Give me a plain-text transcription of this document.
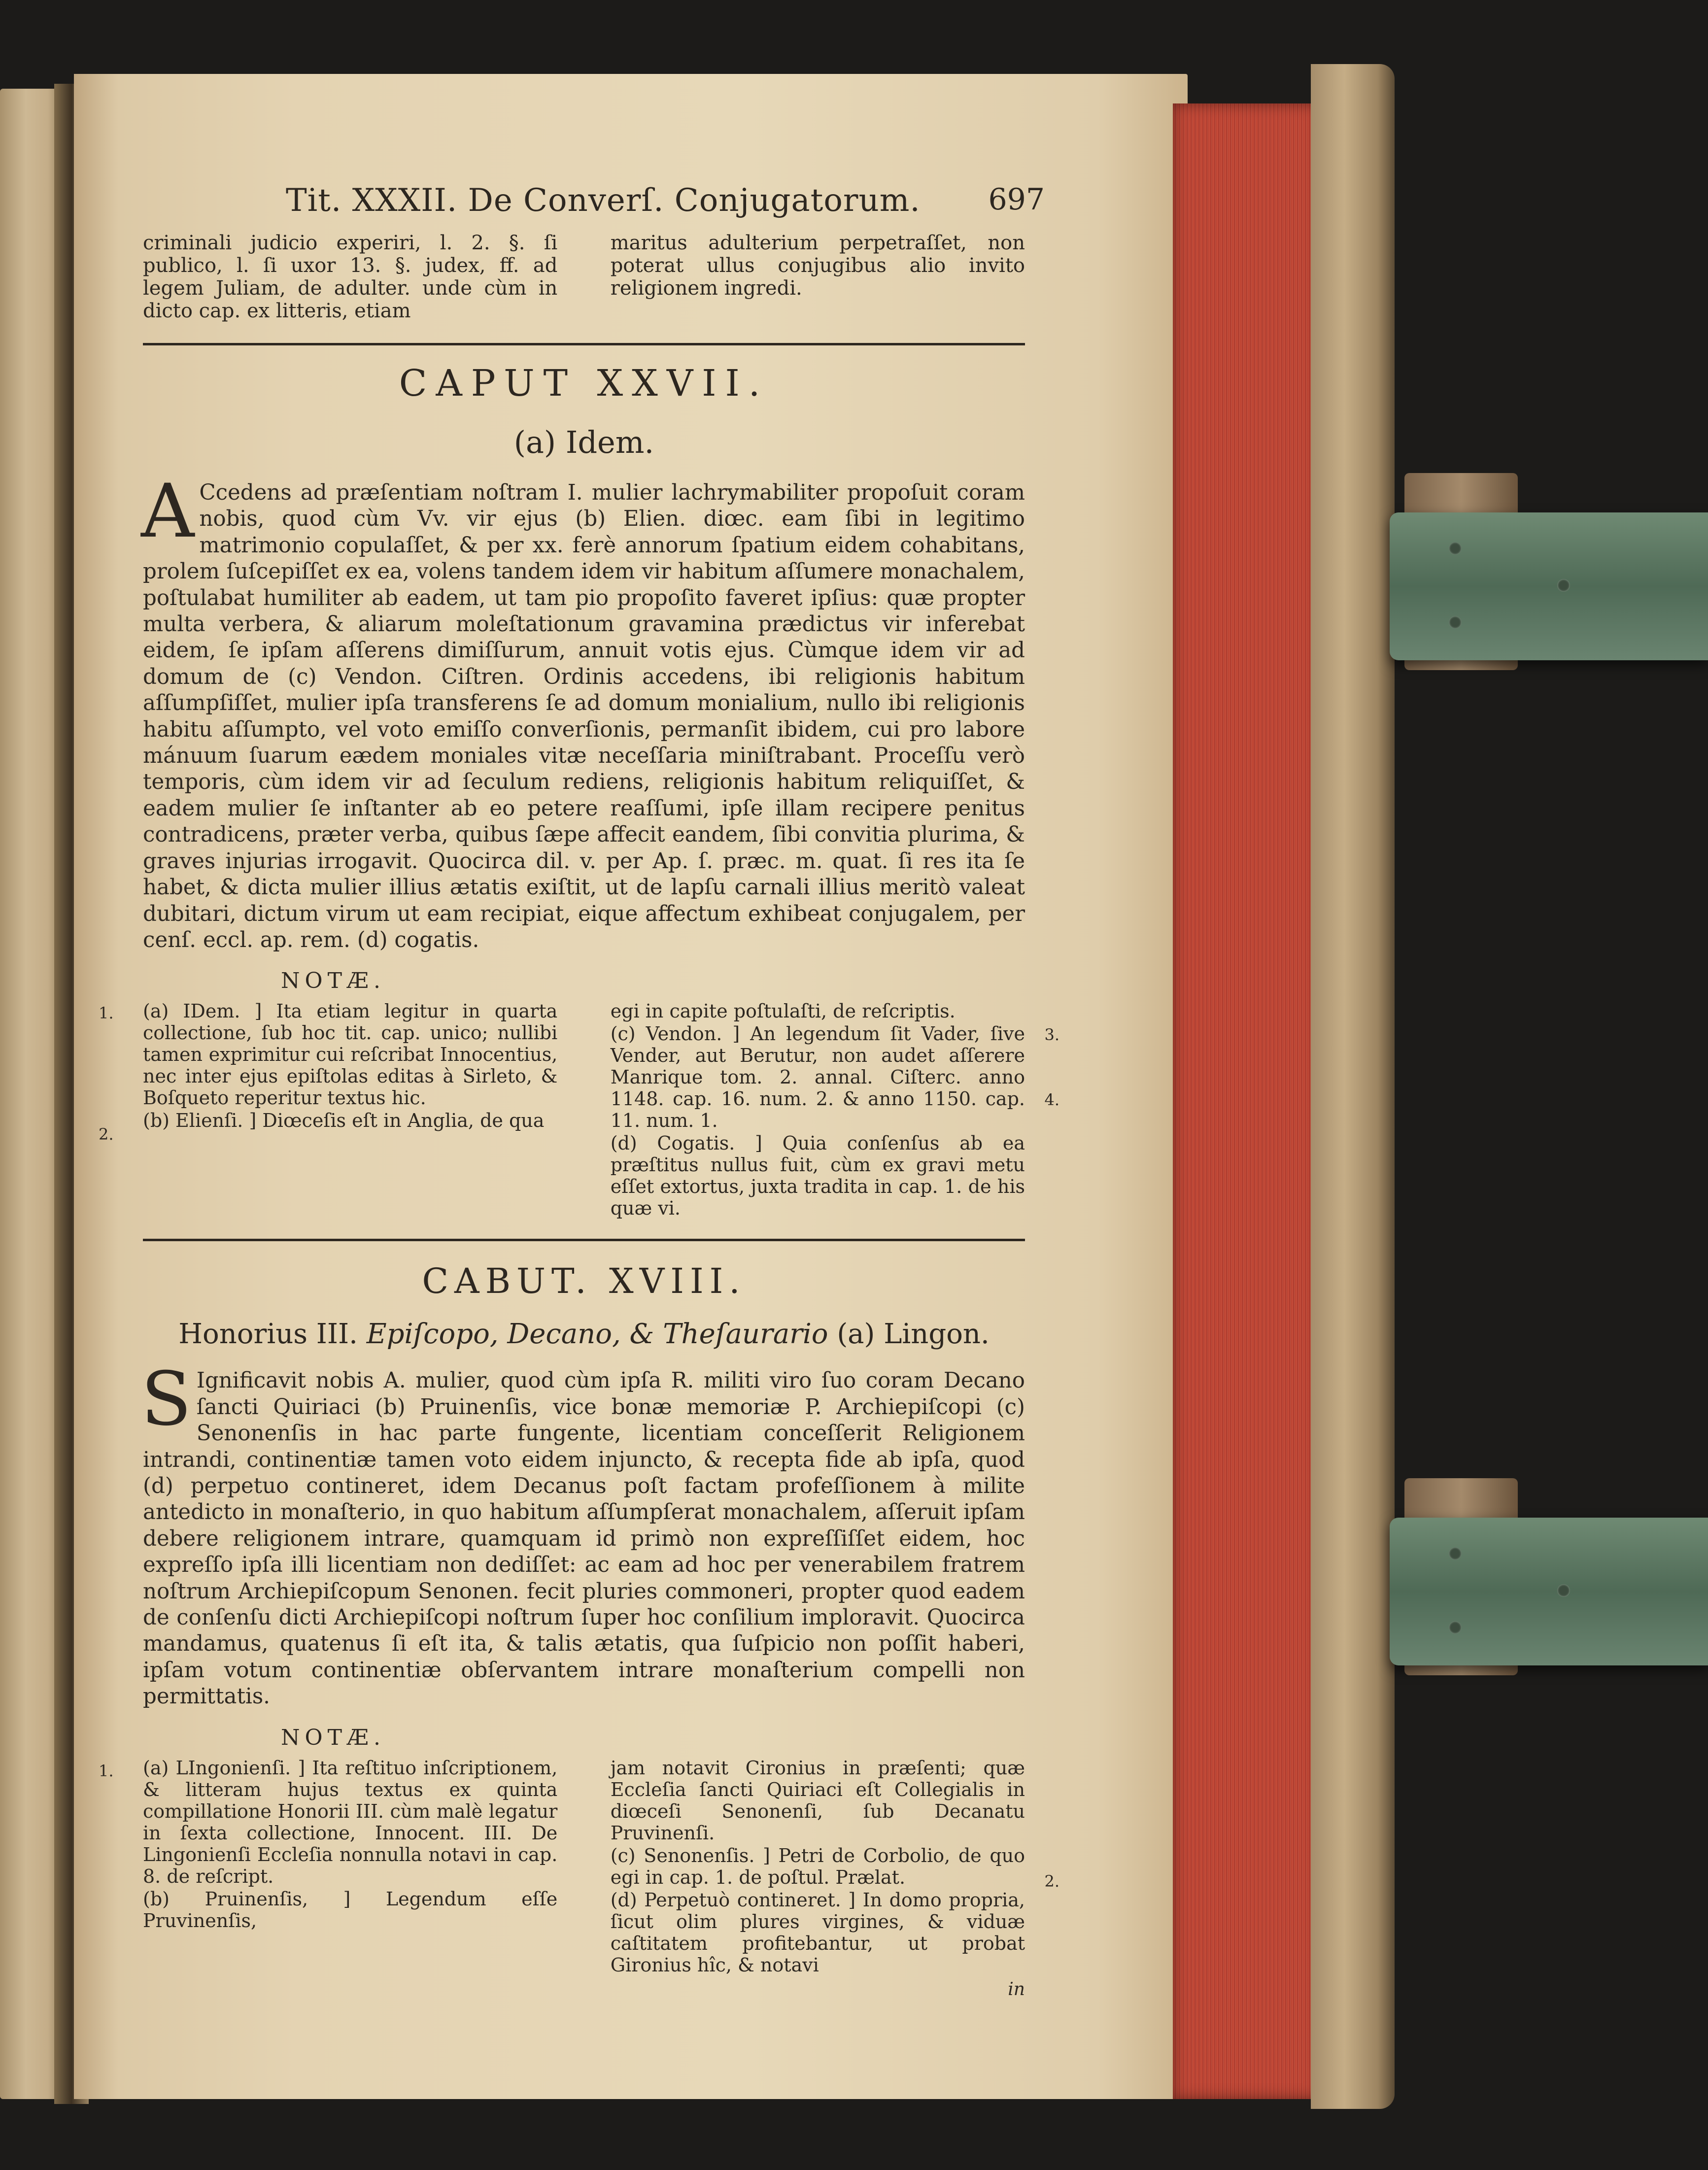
Tit. XXXII. De Converſ. Conjugatorum. 697

criminali judicio experiri, l. 2. §. ſi publico, l. ſi uxor 13. §. judex, ff. ad legem Juliam, de adulter. unde cùm in dicto cap. ex litteris, etiam

maritus adulterium perpetraſſet, non poterat ullus conjugibus alio invito religionem ingredi.

CAPUT XXVII.
(a) Idem.

A Ccedens ad præſentiam noſtram I. mulier lachrymabiliter propoſuit coram nobis, quod cùm Vv. vir ejus (b) Elien. diœc. eam ſibi in legitimo matrimonio copulaſſet, & per xx. ferè annorum ſpatium eidem cohabitans, prolem ſuſcepiſſet ex ea, volens tandem idem vir habitum aſſumere monachalem, poſtulabat humiliter ab eadem, ut tam pio propoſito faveret ipſius: quæ propter multa verbera, & aliarum moleſtationum gravamina prædictus vir inferebat eidem, ſe ipſam aſſerens dimiſſurum, annuit votis ejus. Cùmque idem vir ad domum de (c) Vendon. Ciſtren. Ordinis accedens, ibi religionis habitum aſſumpſiſſet, mulier ipſa transferens ſe ad domum monialium, nullo ibi religionis habitu aſſumpto, vel voto emiſſo converſionis, permanſit ibidem, cui pro labore mánuum ſuarum eædem moniales vitæ neceſſaria miniſtrabant. Proceſſu verò temporis, cùm idem vir ad ſeculum rediens, religionis habitum reliquiſſet, & eadem mulier ſe inſtanter ab eo petere reaſſumi, ipſe illam recipere penitus contradicens, præter verba, quibus ſæpe affecit eandem, ſibi convitia plurima, & graves injurias irrogavit. Quocirca dil. v. per Ap. ſ. præc. m. quat. ſi res ita ſe habet, & dicta mulier illius ætatis exiſtit, ut de lapſu carnali illius meritò valeat dubitari, dictum virum ut eam recipiat, eique affectum exhibeat conjugalem, per cenſ. eccl. ap. rem. (d) cogatis.

NOTÆ.
1.
2.
3.
4.

(a) IDem. ] Ita etiam legitur in quarta collectione, ſub hoc tit. cap. unico; nullibi tamen exprimitur cui reſcribat Innocentius, nec inter ejus epiſtolas editas à Sirleto, & Boſqueto reperitur textus hic.

(b) Elienſi. ] Diœceſis eſt in Anglia, de qua

egi in capite poſtulaſti, de reſcriptis.

(c) Vendon. ] An legendum ſit Vader, ſive Vender, aut Berutur, non audet aſſerere Manrique tom. 2. annal. Ciſterc. anno 1148. cap. 16. num. 2. & anno 1150. cap. 11. num. 1.

(d) Cogatis. ] Quia conſenſus ab ea præſtitus nullus fuit, cùm ex gravi metu eſſet extortus, juxta tradita in cap. 1. de his quæ vi.

CABUT. XVIII.
Honorius III. Epiſcopo, Decano, & Theſaurario (a) Lingon.

S Ignificavit nobis A. mulier, quod cùm ipſa R. militi viro ſuo coram Decano ſancti Quiriaci (b) Pruinenſis, vice bonæ memoriæ P. Archiepiſcopi (c) Senonenſis in hac parte fungente, licentiam conceſſerit Religionem intrandi, continentiæ tamen voto eidem injuncto, & recepta fide ab ipſa, quod (d) perpetuo contineret, idem Decanus poſt factam profeſſionem à milite antedicto in monaſterio, in quo habitum aſſumpſerat monachalem, aſſeruit ipſam debere religionem intrare, quamquam id primò non expreſſiſſet eidem, hoc expreſſo ipſa illi licentiam non dediſſet: ac eam ad hoc per venerabilem fratrem noſtrum Archiepiſcopum Senonen. fecit pluries commoneri, propter quod eadem de conſenſu dicti Archiepiſcopi noſtrum ſuper hoc conſilium imploravit. Quocirca mandamus, quatenus ſi eſt ita, & talis ætatis, qua ſuſpicio non poſſit haberi, ipſam votum continentiæ obſervantem intrare monaſterium compelli non permittatis.

NOTÆ.
1.
2.

(a) LIngonienſi. ] Ita reſtituo inſcriptionem, & litteram hujus textus ex quinta compillatione Honorii III. cùm malè legatur in ſexta collectione, Innocent. III. De Lingonienſi Eccleſia nonnulla notavi in cap. 8. de reſcript.

(b) Pruinenſis, ] Legendum eſſe Pruvinenſis,

jam notavit Cironius in præſenti; quæ Eccleſia ſancti Quiriaci eſt Collegialis in diœceſi Senonenſi, ſub Decanatu Pruvinenſi.

(c) Senonenſis. ] Petri de Corbolio, de quo egi in cap. 1. de poſtul. Prælat.

(d) Perpetuò contineret. ] In domo propria, ſicut olim plures virgines, & viduæ caſtitatem profitebantur, ut probat Gironius hîc, & notavi

in
